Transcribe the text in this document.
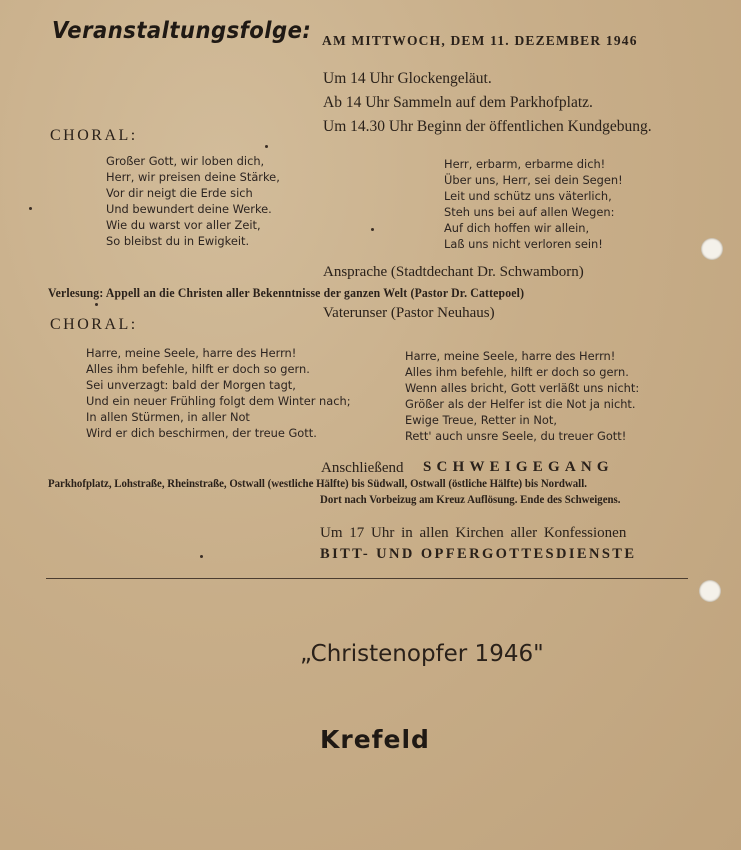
Veranstaltungsfolge: AM MITTWOCH, DEM 11. DEZEMBER 1946
Um 14 Uhr Glockengeläut.
Ab 14 Uhr Sammeln auf dem Parkhofplatz.
Um 14.30 Uhr Beginn der öffentlichen Kundgebung.
CHORAL:
Großer Gott, wir loben dich,
Herr, wir preisen deine Stärke,
Vor dir neigt die Erde sich
Und bewundert deine Werke.
Wie du warst vor aller Zeit,
So bleibst du in Ewigkeit.
Herr, erbarm, erbarme dich!
Über uns, Herr, sei dein Segen!
Leit und schütz uns väterlich,
Steh uns bei auf allen Wegen:
Auf dich hoffen wir allein,
Laß uns nicht verloren sein!
Ansprache (Stadtdechant Dr. Schwamborn)
Verlesung: Appell an die Christen aller Bekenntnisse der ganzen Welt (Pastor Dr. Cattepoel)
Vaterunser (Pastor Neuhaus)
CHORAL:
Harre, meine Seele, harre des Herrn!
Alles ihm befehle, hilft er doch so gern.
Sei unverzagt: bald der Morgen tagt,
Und ein neuer Frühling folgt dem Winter nach;
In allen Stürmen, in aller Not
Wird er dich beschirmen, der treue Gott.
Harre, meine Seele, harre des Herrn!
Alles ihm befehle, hilft er doch so gern.
Wenn alles bricht, Gott verläßt uns nicht:
Größer als der Helfer ist die Not ja nicht.
Ewige Treue, Retter in Not,
Rett' auch unsre Seele, du treuer Gott!
Anschließend SCHWEIGEGANG
Parkhofplatz, Lohstraße, Rheinstraße, Ostwall (westliche Hälfte) bis Südwall, Ostwall (östliche Hälfte) bis Nordwall.
Dort nach Vorbeizug am Kreuz Auflösung. Ende des Schweigens.
Um 17 Uhr in allen Kirchen aller Konfessionen
BITT- UND OPFERGOTTESDIENSTE
„Christenopfer 1946"
Krefeld
